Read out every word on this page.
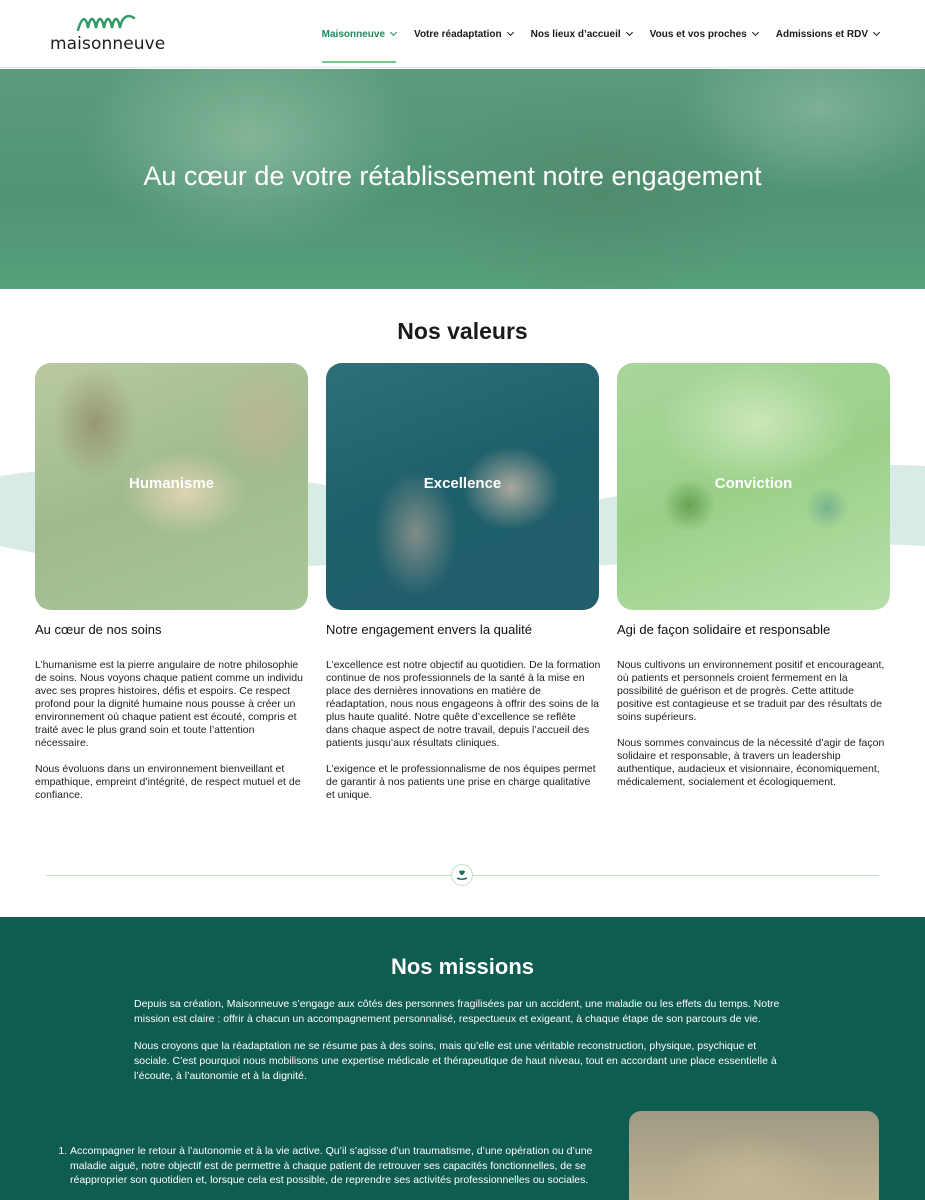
maisonneuve	Maisonneuve	Votre réadaptation	Nos lieux d’accueil	Vous et vos proches	Admissions et RDV
Au cœur de votre rétablissement notre engagement
Nos valeurs
Humanisme	Excellence	Conviction
Au cœur de nos soins

L’humanisme est la pierre angulaire de notre philosophie de soins. Nous voyons chaque patient comme un individu avec ses propres histoires, défis et espoirs. Ce respect profond pour la dignité humaine nous pousse à créer un environnement où chaque patient est écouté, compris et traité avec le plus grand soin et toute l’attention nécessaire.

Nous évoluons dans un environnement bienveillant et empathique, empreint d’intégrité, de respect mutuel et de confiance.

Notre engagement envers la qualité

L’excellence est notre objectif au quotidien. De la formation continue de nos professionnels de la santé à la mise en place des dernières innovations en matière de réadaptation, nous nous engageons à offrir des soins de la plus haute qualité. Notre quête d’excellence se reflète dans chaque aspect de notre travail, depuis l’accueil des patients jusqu’aux résultats cliniques.

L’exigence et le professionnalisme de nos équipes permet de garantir à nos patients une prise en charge qualitative et unique.

Agi de façon solidaire et responsable

Nous cultivons un environnement positif et encourageant, où patients et personnels croient fermement en la possibilité de guérison et de progrès. Cette attitude positive est contagieuse et se traduit par des résultats de soins supérieurs.

Nous sommes convaincus de la nécessité d’agir de façon solidaire et responsable, à travers un leadership authentique, audacieux et visionnaire, économiquement, médicalement, socialement et écologiquement.

Nos missions

Depuis sa création, Maisonneuve s’engage aux côtés des personnes fragilisées par un accident, une maladie ou les effets du temps. Notre mission est claire : offrir à chacun un accompagnement personnalisé, respectueux et exigeant, à chaque étape de son parcours de vie.

Nous croyons que la réadaptation ne se résume pas à des soins, mais qu’elle est une véritable reconstruction, physique, psychique et sociale. C’est pourquoi nous mobilisons une expertise médicale et thérapeutique de haut niveau, tout en accordant une place essentielle à l’écoute, à l’autonomie et à la dignité.

1. Accompagner le retour à l’autonomie et à la vie active. Qu’il s’agisse d’un traumatisme, d’une opération ou d’une maladie aiguë, notre objectif est de permettre à chaque patient de retrouver ses capacités fonctionnelles, de se réapproprier son quotidien et, lorsque cela est possible, de reprendre ses activités professionnelles ou sociales.
